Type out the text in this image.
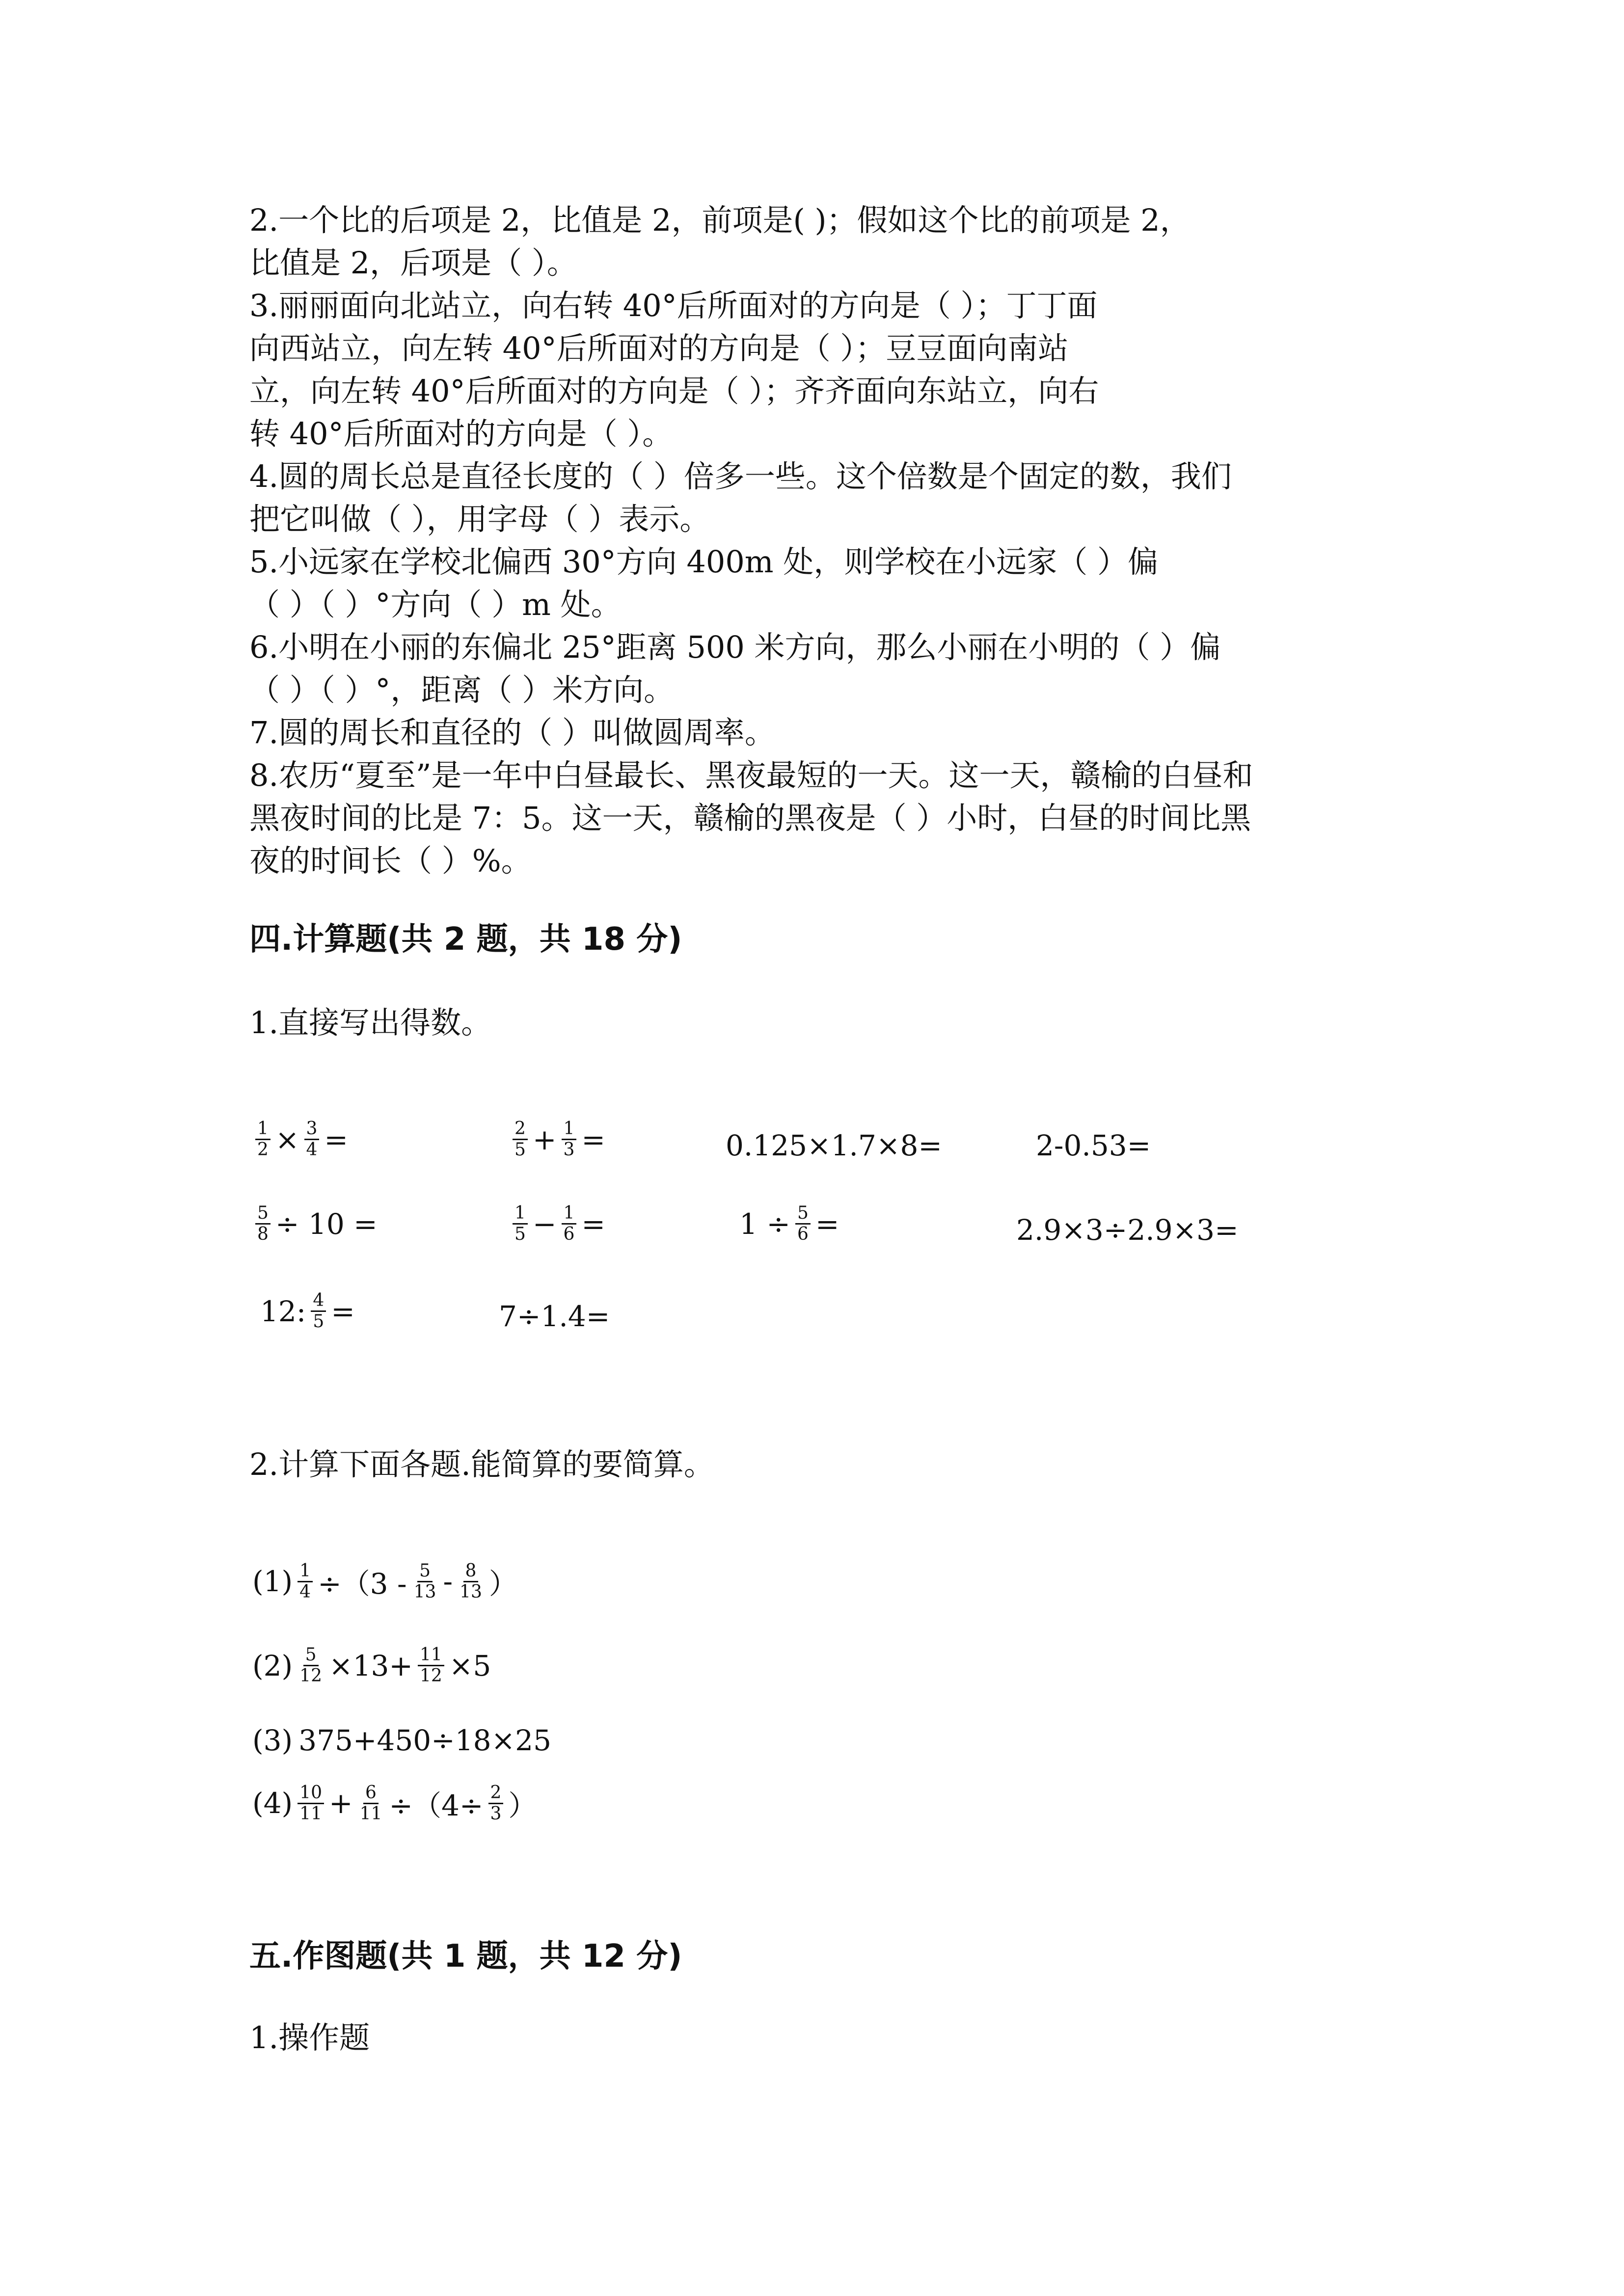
2.一个比的后项是 2，比值是 2，前项是( )；假如这个比的前项是 2，
比值是 2，后项是（ ）。
3.丽丽面向北站立，向右转 40°后所面对的方向是（ ）；丁丁面
向西站立，向左转 40°后所面对的方向是（ ）；豆豆面向南站
立，向左转 40°后所面对的方向是（ ）；齐齐面向东站立，向右
转 40°后所面对的方向是（ ）。
4.圆的周长总是直径长度的（ ）倍多一些。这个倍数是个固定的数，我们
把它叫做（ ），用字母（ ）表示。
5.小远家在学校北偏西 30°方向 400m 处，则学校在小远家（ ）偏
（ ）（ ）°方向（ ）m 处。
6.小明在小丽的东偏北 25°距离 500 米方向，那么小丽在小明的（ ）偏
（ ）（ ）°，距离（ ）米方向。
7.圆的周长和直径的（ ）叫做圆周率。
8.农历“夏至”是一年中白昼最长、黑夜最短的一天。这一天，赣榆的白昼和
黑夜时间的比是 7：5。这一天，赣榆的黑夜是（ ）小时，白昼的时间比黑
夜的时间长（ ）%。
四.计算题(共 2 题，共 18 分)
1.直接写出得数。
$\frac{1}{2} \times \frac{3}{4}$ =	$\frac{2}{5} + \frac{1}{3}$ =	0.125×1.7×8=	2-0.53=
$\frac{5}{8} \div 10$ =	$\frac{1}{5} - \frac{1}{6}$ =	$1 \div \frac{5}{6}$ =	2.9×3÷2.9×3=
12: $\frac{4}{5}$ =	7÷1.4=
2.计算下面各题.能简算的要简算。
$(1) \frac{1}{4} \div(3 - \frac{5}{13} - \frac{8}{13}$ ）
$(2) \frac{5}{12} \times 13+ \frac{11}{12} \times 5$
(3) 375+450÷18×25
$(4) \frac{10}{11} + \frac{6}{11} \div(4\div \frac{2}{3}$ ）
五.作图题(共 1 题，共 12 分)
1.操作题
